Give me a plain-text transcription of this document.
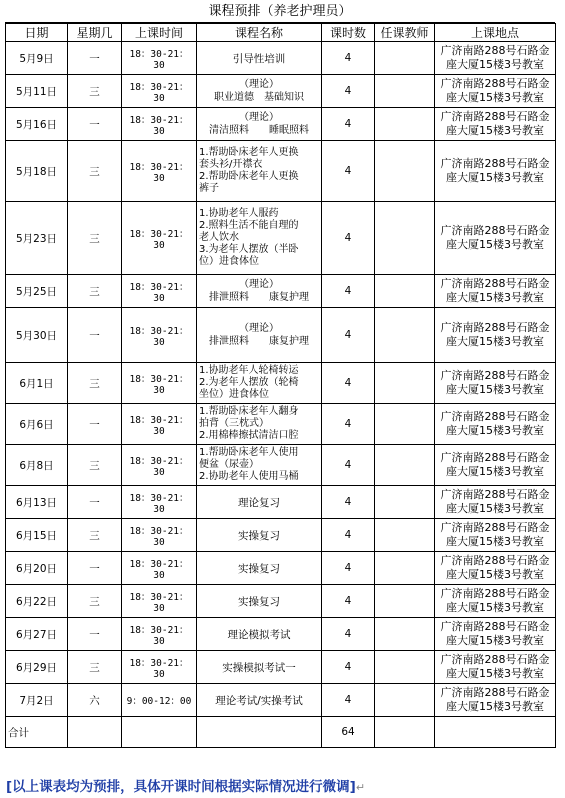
课程预排（养老护理员）
日期	星期几	上课时间	课程名称	课时数	任课教师	上课地点
5月9日	一	18：30-21：30	引导性培训	4		广济南路288号石路金
座大厦15楼3号教室

5月11日	三	18：30-21：30	（理论）
职业道德　基础知识	4		广济南路288号石路金
座大厦15楼3号教室

5月16日	一	18：30-21：30	（理论）
清洁照料　　睡眠照料	4		广济南路288号石路金
座大厦15楼3号教室

5月18日	三	18：30-21：30	1.帮助卧床老年人更换
套头衫/开襟衣
2.帮助卧床老年人更换
裤子	4		广济南路288号石路金
座大厦15楼3号教室

5月23日	三	18：30-21：30	1.协助老年人服药
2.照料生活不能自理的
老人饮水
3.为老年人摆放（半卧
位）进食体位	4		广济南路288号石路金
座大厦15楼3号教室

5月25日	三	18：30-21：30	（理论）
排泄照料　　康复护理	4		广济南路288号石路金
座大厦15楼3号教室

5月30日	一	18：30-21：30	（理论）
排泄照料　　康复护理	4		广济南路288号石路金
座大厦15楼3号教室

6月1日	三	18：30-21：30	1.协助老年人轮椅转运
2.为老年人摆放（轮椅
坐位）进食体位	4		广济南路288号石路金
座大厦15楼3号教室

6月6日	一	18：30-21：30	1.帮助卧床老年人翻身
拍背（三枕式）
2.用棉棒擦拭清洁口腔	4		广济南路288号石路金
座大厦15楼3号教室

6月8日	三	18：30-21：30	1.帮助卧床老年人使用
便盆（尿壶）
2.协助老年人使用马桶	4		广济南路288号石路金
座大厦15楼3号教室

6月13日	一	18：30-21：30	理论复习	4		广济南路288号石路金
座大厦15楼3号教室

6月15日	三	18：30-21：30	实操复习	4		广济南路288号石路金
座大厦15楼3号教室

6月20日	一	18：30-21：30	实操复习	4		广济南路288号石路金
座大厦15楼3号教室

6月22日	三	18：30-21：30	实操复习	4		广济南路288号石路金
座大厦15楼3号教室

6月27日	一	18：30-21：30	理论模拟考试	4		广济南路288号石路金
座大厦15楼3号教室

6月29日	三	18：30-21：30	实操模拟考试一	4		广济南路288号石路金
座大厦15楼3号教室

7月2日	六	9：00-12：00	理论考试/实操考试	4		广济南路288号石路金
座大厦15楼3号教室

合计				64		
[以上课表均为预排，具体开课时间根据实际情况进行微调]↵
